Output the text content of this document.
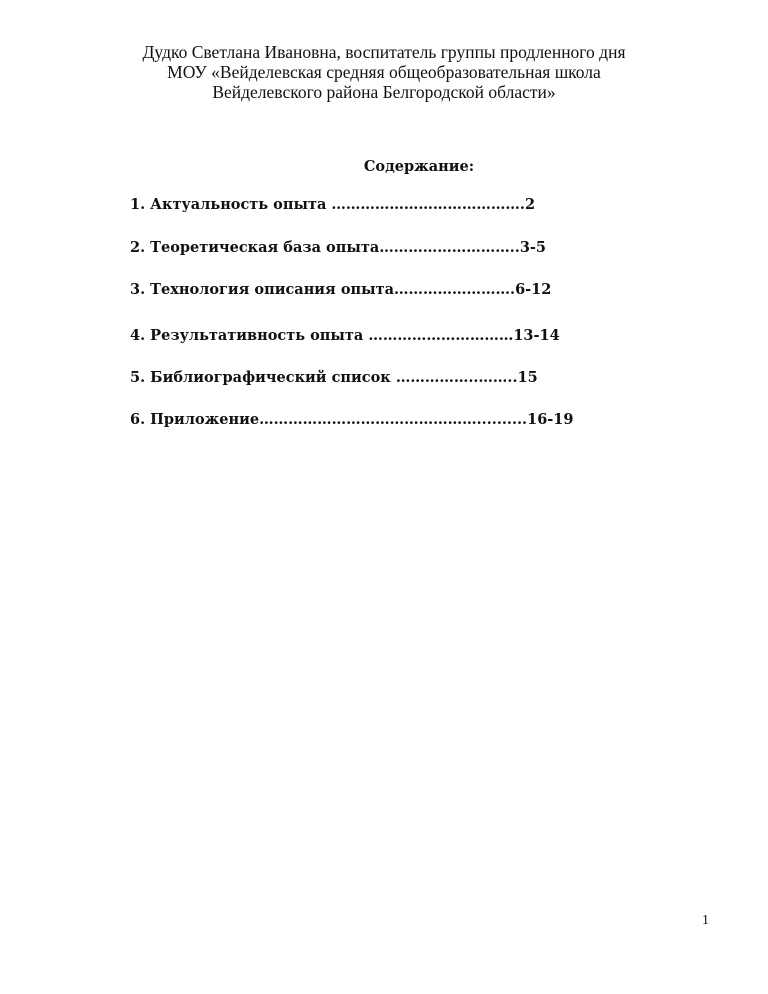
Дудко Светлана Ивановна, воспитатель группы продленного дня
МОУ «Вейделевская средняя общеобразовательная школа
Вейделевского района Белгородской области»
Содержание:
1. Актуальность опыта ………………………………….2
2. Теоретическая база опыта………………………..3-5
3. Технология описания опыта…………………….6-12
4. Результативность опыта …………………………13-14
5. Библиографический список ……………..……..15
6. Приложение………………………………………..........16-19
1
